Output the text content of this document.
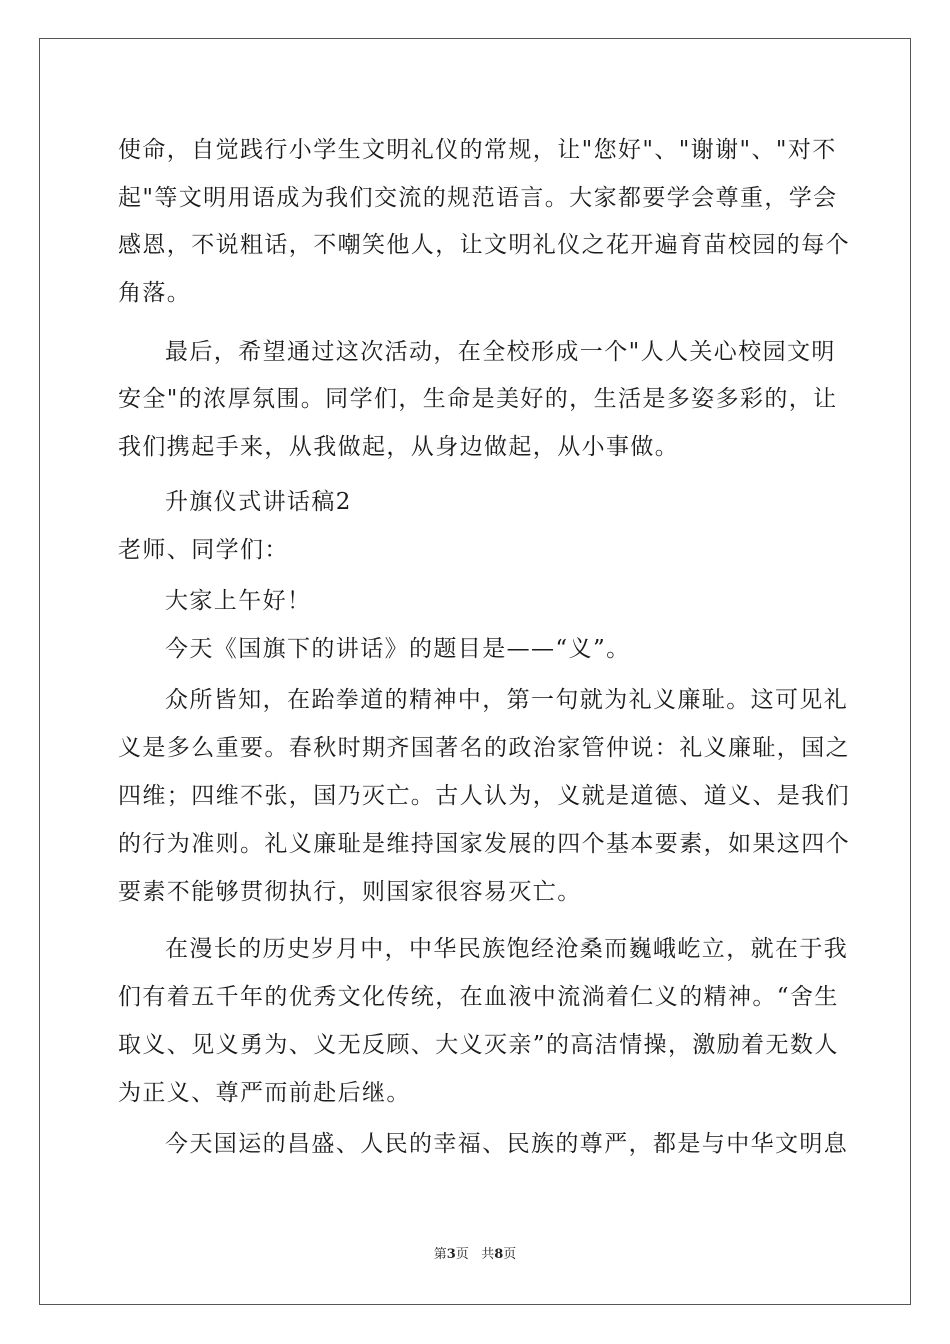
使命，自觉践行小学生文明礼仪的常规，让"您好"、"谢谢"、"对不
起"等文明用语成为我们交流的规范语言。大家都要学会尊重，学会
感恩，不说粗话，不嘲笑他人，让文明礼仪之花开遍育苗校园的每个
角落。
最后，希望通过这次活动，在全校形成一个"人人关心校园文明
安全"的浓厚氛围。同学们，生命是美好的，生活是多姿多彩的，让
我们携起手来，从我做起，从身边做起，从小事做。
升旗仪式讲话稿2
老师、同学们：
大家上午好！
今天《国旗下的讲话》的题目是——“义”。
众所皆知，在跆拳道的精神中，第一句就为礼义廉耻。这可见礼
义是多么重要。春秋时期齐国著名的政治家管仲说：礼义廉耻，国之
四维；四维不张，国乃灭亡。古人认为，义就是道德、道义、是我们
的行为准则。礼义廉耻是维持国家发展的四个基本要素，如果这四个
要素不能够贯彻执行，则国家很容易灭亡。
在漫长的历史岁月中，中华民族饱经沧桑而巍峨屹立，就在于我
们有着五千年的优秀文化传统，在血液中流淌着仁义的精神。“舍生
取义、见义勇为、义无反顾、大义灭亲”的高洁情操，激励着无数人
为正义、尊严而前赴后继。
今天国运的昌盛、人民的幸福、民族的尊严，都是与中华文明息
第3页 共8页
